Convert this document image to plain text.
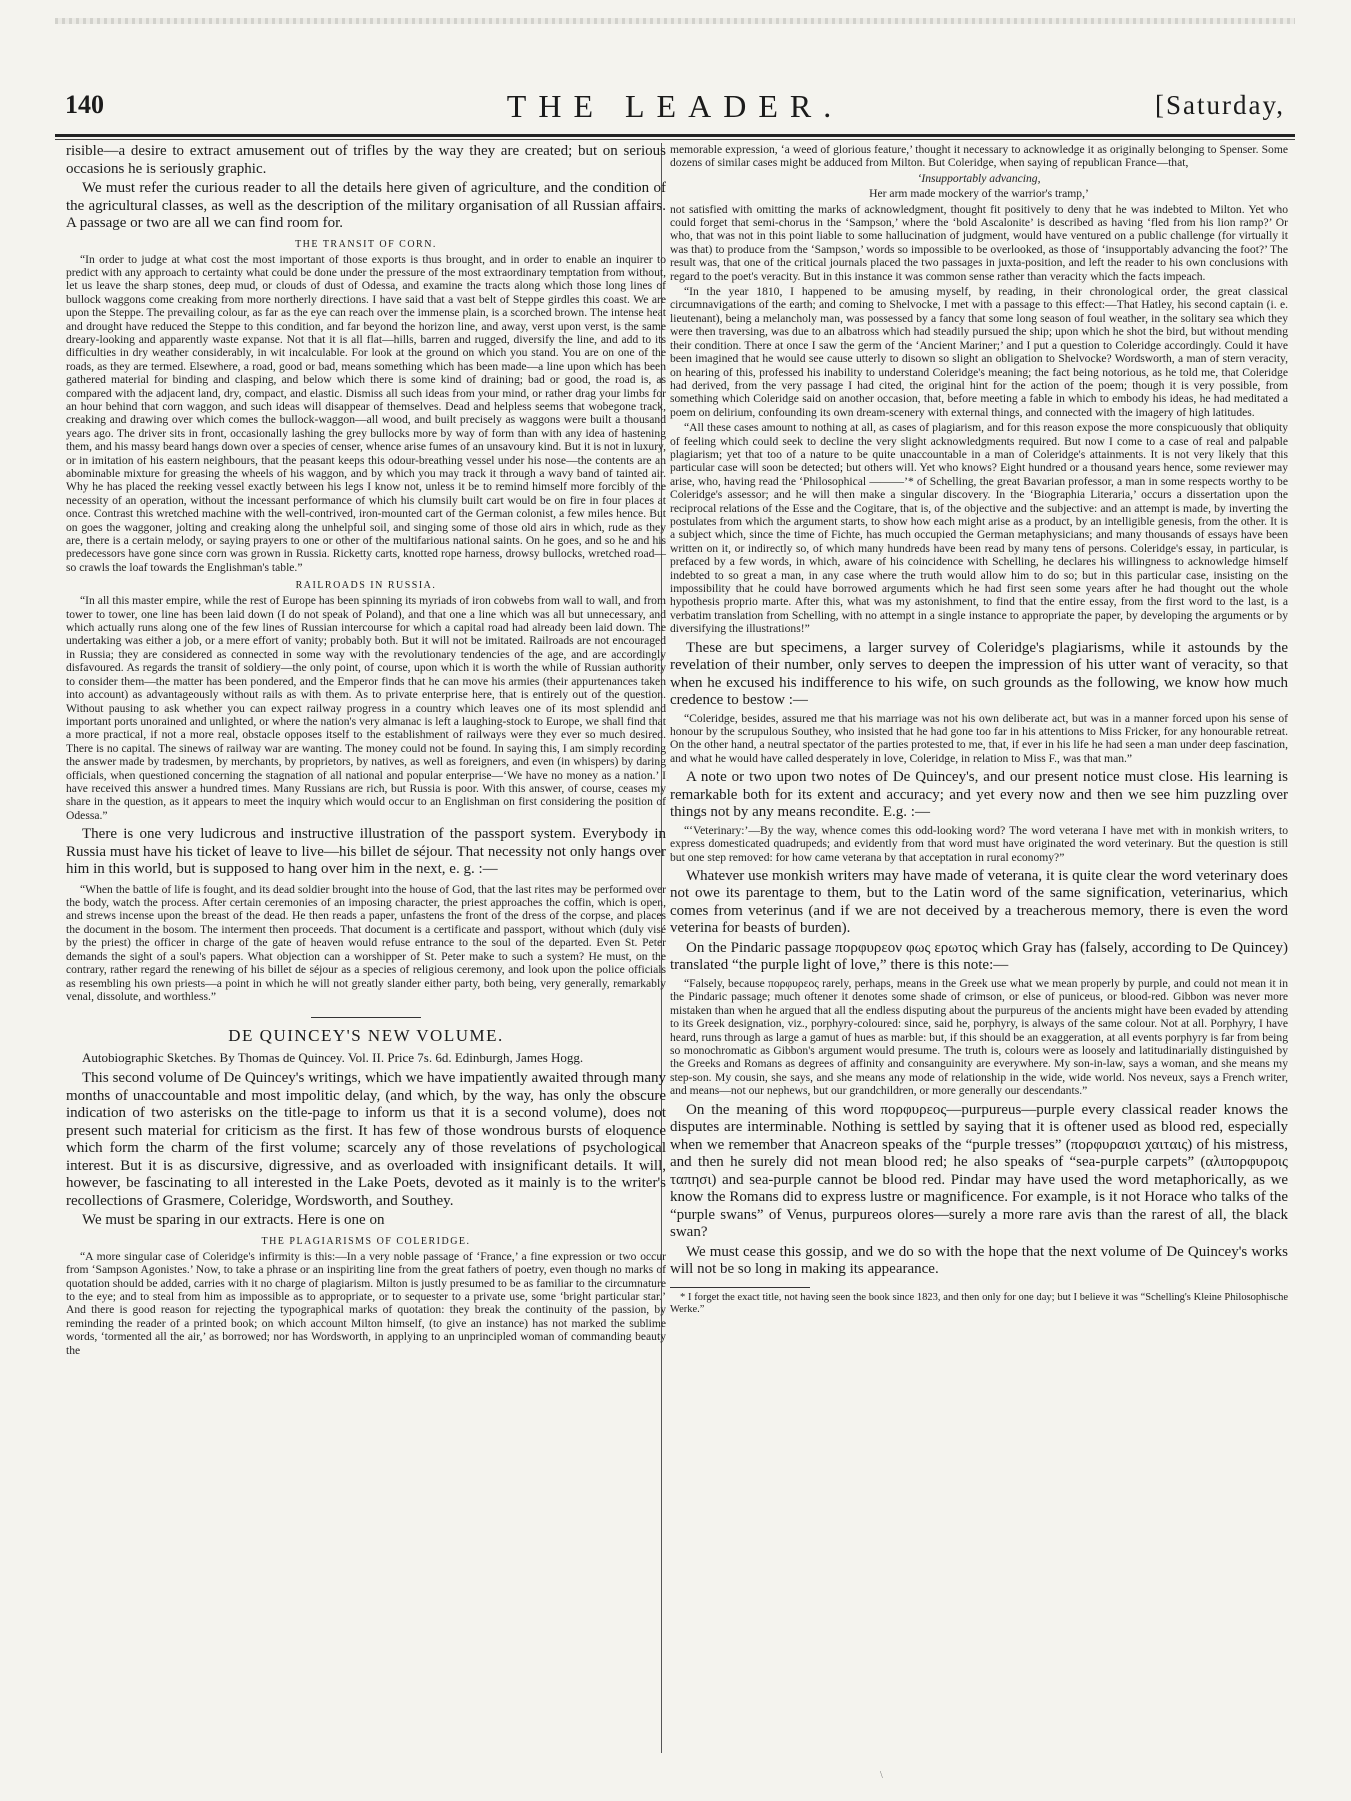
140	THE LEADER.	[Saturday,

risible—a desire to extract amusement out of trifles by the way they are created; but on serious occasions he is seriously graphic.

We must refer the curious reader to all the details here given of agriculture, and the condition of the agricultural classes, as well as the description of the military organisation of all Russian affairs. A passage or two are all we can find room for.

THE TRANSIT OF CORN.

“In order to judge at what cost the most important of those exports is thus brought, and in order to enable an inquirer to predict with any approach to certainty what could be done under the pressure of the most extraordinary temptation from without, let us leave the sharp stones, deep mud, or clouds of dust of Odessa, and examine the tracts along which those long lines of bullock waggons come creaking from more northerly directions. I have said that a vast belt of Steppe girdles this coast. We are upon the Steppe. The prevailing colour, as far as the eye can reach over the immense plain, is a scorched brown. The intense heat and drought have reduced the Steppe to this condition, and far beyond the horizon line, and away, verst upon verst, is the same dreary-looking and apparently waste expanse. Not that it is all flat—hills, barren and rugged, diversify the line, and add to its difficulties in dry weather considerably, in wit incalculable. For look at the ground on which you stand. You are on one of the roads, as they are termed. Elsewhere, a road, good or bad, means something which has been made—a line upon which has been gathered material for binding and clasping, and below which there is some kind of draining; bad or good, the road is, as compared with the adjacent land, dry, compact, and elastic. Dismiss all such ideas from your mind, or rather drag your limbs for an hour behind that corn waggon, and such ideas will disappear of themselves. Dead and helpless seems that wobegone track, creaking and drawing over which comes the bullock-waggon—all wood, and built precisely as waggons were built a thousand years ago. The driver sits in front, occasionally lashing the grey bullocks more by way of form than with any idea of hastening them, and his massy beard hangs down over a species of censer, whence arise fumes of an unsavoury kind. But it is not in luxury, or in imitation of his eastern neighbours, that the peasant keeps this odour-breathing vessel under his nose—the contents are an abominable mixture for greasing the wheels of his waggon, and by which you may track it through a wavy band of tainted air. Why he has placed the reeking vessel exactly between his legs I know not, unless it be to remind himself more forcibly of the necessity of an operation, without the incessant performance of which his clumsily built cart would be on fire in four places at once. Contrast this wretched machine with the well-contrived, iron-mounted cart of the German colonist, a few miles hence. But on goes the waggoner, jolting and creaking along the unhelpful soil, and singing some of those old airs in which, rude as they are, there is a certain melody, or saying prayers to one or other of the multifarious national saints. On he goes, and so he and his predecessors have gone since corn was grown in Russia. Ricketty carts, knotted rope harness, drowsy bullocks, wretched road—so crawls the loaf towards the Englishman's table.”

RAILROADS IN RUSSIA.

“In all this master empire, while the rest of Europe has been spinning its myriads of iron cobwebs from wall to wall, and from tower to tower, one line has been laid down (I do not speak of Poland), and that one a line which was all but unnecessary, and which actually runs along one of the few lines of Russian intercourse for which a capital road had already been laid down. The undertaking was either a job, or a mere effort of vanity; probably both. But it will not be imitated. Railroads are not encouraged in Russia; they are considered as connected in some way with the revolutionary tendencies of the age, and are accordingly disfavoured. As regards the transit of soldiery—the only point, of course, upon which it is worth the while of Russian authority to consider them—the matter has been pondered, and the Emperor finds that he can move his armies (their appurtenances taken into account) as advantageously without rails as with them. As to private enterprise here, that is entirely out of the question. Without pausing to ask whether you can expect railway progress in a country which leaves one of its most splendid and important ports unorained and unlighted, or where the nation's very almanac is left a laughing-stock to Europe, we shall find that a more practical, if not a more real, obstacle opposes itself to the establishment of railways were they ever so much desired. There is no capital. The sinews of railway war are wanting. The money could not be found. In saying this, I am simply recording the answer made by tradesmen, by merchants, by proprietors, by natives, as well as foreigners, and even (in whispers) by daring officials, when questioned concerning the stagnation of all national and popular enterprise—‘We have no money as a nation.’ I have received this answer a hundred times. Many Russians are rich, but Russia is poor. With this answer, of course, ceases my share in the question, as it appears to meet the inquiry which would occur to an Englishman on first considering the position of Odessa.”

There is one very ludicrous and instructive illustration of the passport system. Everybody in Russia must have his ticket of leave to live—his billet de séjour. That necessity not only hangs over him in this world, but is supposed to hang over him in the next, e. g. :—

“When the battle of life is fought, and its dead soldier brought into the house of God, that the last rites may be performed over the body, watch the process. After certain ceremonies of an imposing character, the priest approaches the coffin, which is open, and strews incense upon the breast of the dead. He then reads a paper, unfastens the front of the dress of the corpse, and places the document in the bosom. The interment then proceeds. That document is a certificate and passport, without which (duly visé by the priest) the officer in charge of the gate of heaven would refuse entrance to the soul of the departed. Even St. Peter demands the sight of a soul's papers. What objection can a worshipper of St. Peter make to such a system? He must, on the contrary, rather regard the renewing of his billet de séjour as a species of religious ceremony, and look upon the police officials as resembling his own priests—a point in which he will not greatly slander either party, both being, very generally, remarkably venal, dissolute, and worthless.”

DE QUINCEY'S NEW VOLUME.

Autobiographic Sketches. By Thomas de Quincey. Vol. II. Price 7s. 6d. Edinburgh, James Hogg.

This second volume of De Quincey's writings, which we have impatiently awaited through many months of unaccountable and most impolitic delay, (and which, by the way, has only the obscure indication of two asterisks on the title-page to inform us that it is a second volume), does not present such material for criticism as the first. It has few of those wondrous bursts of eloquence which form the charm of the first volume; scarcely any of those revelations of psychological interest. But it is as discursive, digressive, and as overloaded with insignificant details. It will, however, be fascinating to all interested in the Lake Poets, devoted as it mainly is to the writer's recollections of Grasmere, Coleridge, Wordsworth, and Southey.

We must be sparing in our extracts. Here is one on

THE PLAGIARISMS OF COLERIDGE.

“A more singular case of Coleridge's infirmity is this:—In a very noble passage of ‘France,’ a fine expression or two occur from ‘Sampson Agonistes.’ Now, to take a phrase or an inspiriting line from the great fathers of poetry, even though no marks of quotation should be added, carries with it no charge of plagiarism. Milton is justly presumed to be as familiar to the circumnature to the eye; and to steal from him as impossible as to appropriate, or to sequester to a private use, some ‘bright particular star.’ And there is good reason for rejecting the typographical marks of quotation: they break the continuity of the passion, by reminding the reader of a printed book; on which account Milton himself, (to give an instance) has not marked the sublime words, ‘tormented all the air,’ as borrowed; nor has Wordsworth, in applying to an unprincipled woman of commanding beauty the

memorable expression, ‘a weed of glorious feature,’ thought it necessary to acknowledge it as originally belonging to Spenser. Some dozens of similar cases might be adduced from Milton. But Coleridge, when saying of republican France—that,

‘Insupportably advancing,

Her arm made mockery of the warrior's tramp,’

not satisfied with omitting the marks of acknowledgment, thought fit positively to deny that he was indebted to Milton. Yet who could forget that semi-chorus in the ‘Sampson,’ where the ‘bold Ascalonite’ is described as having ‘fled from his lion ramp?’ Or who, that was not in this point liable to some hallucination of judgment, would have ventured on a public challenge (for virtually it was that) to produce from the ‘Sampson,’ words so impossible to be overlooked, as those of ‘insupportably advancing the foot?’ The result was, that one of the critical journals placed the two passages in juxta-position, and left the reader to his own conclusions with regard to the poet's veracity. But in this instance it was common sense rather than veracity which the facts impeach.

“In the year 1810, I happened to be amusing myself, by reading, in their chronological order, the great classical circumnavigations of the earth; and coming to Shelvocke, I met with a passage to this effect:—That Hatley, his second captain (i. e. lieutenant), being a melancholy man, was possessed by a fancy that some long season of foul weather, in the solitary sea which they were then traversing, was due to an albatross which had steadily pursued the ship; upon which he shot the bird, but without mending their condition. There at once I saw the germ of the ‘Ancient Mariner;’ and I put a question to Coleridge accordingly. Could it have been imagined that he would see cause utterly to disown so slight an obligation to Shelvocke? Wordsworth, a man of stern veracity, on hearing of this, professed his inability to understand Coleridge's meaning; the fact being notorious, as he told me, that Coleridge had derived, from the very passage I had cited, the original hint for the action of the poem; though it is very possible, from something which Coleridge said on another occasion, that, before meeting a fable in which to embody his ideas, he had meditated a poem on delirium, confounding its own dream-scenery with external things, and connected with the imagery of high latitudes.

“All these cases amount to nothing at all, as cases of plagiarism, and for this reason expose the more conspicuously that obliquity of feeling which could seek to decline the very slight acknowledgments required. But now I come to a case of real and palpable plagiarism; yet that too of a nature to be quite unaccountable in a man of Coleridge's attainments. It is not very likely that this particular case will soon be detected; but others will. Yet who knows? Eight hundred or a thousand years hence, some reviewer may arise, who, having read the ‘Philosophical ———’* of Schelling, the great Bavarian professor, a man in some respects worthy to be Coleridge's assessor; and he will then make a singular discovery. In the ‘Biographia Literaria,’ occurs a dissertation upon the reciprocal relations of the Esse and the Cogitare, that is, of the objective and the subjective: and an attempt is made, by inverting the postulates from which the argument starts, to show how each might arise as a product, by an intelligible genesis, from the other. It is a subject which, since the time of Fichte, has much occupied the German metaphysicians; and many thousands of essays have been written on it, or indirectly so, of which many hundreds have been read by many tens of persons. Coleridge's essay, in particular, is prefaced by a few words, in which, aware of his coincidence with Schelling, he declares his willingness to acknowledge himself indebted to so great a man, in any case where the truth would allow him to do so; but in this particular case, insisting on the impossibility that he could have borrowed arguments which he had first seen some years after he had thought out the whole hypothesis proprio marte. After this, what was my astonishment, to find that the entire essay, from the first word to the last, is a verbatim translation from Schelling, with no attempt in a single instance to appropriate the paper, by developing the arguments or by diversifying the illustrations!”

These are but specimens, a larger survey of Coleridge's plagiarisms, while it astounds by the revelation of their number, only serves to deepen the impression of his utter want of veracity, so that when he excused his indifference to his wife, on such grounds as the following, we know how much credence to bestow :—

“Coleridge, besides, assured me that his marriage was not his own deliberate act, but was in a manner forced upon his sense of honour by the scrupulous Southey, who insisted that he had gone too far in his attentions to Miss Fricker, for any honourable retreat. On the other hand, a neutral spectator of the parties protested to me, that, if ever in his life he had seen a man under deep fascination, and what he would have called desperately in love, Coleridge, in relation to Miss F., was that man.”

A note or two upon two notes of De Quincey's, and our present notice must close. His learning is remarkable both for its extent and accuracy; and yet every now and then we see him puzzling over things not by any means recondite. E.g. :—

“‘Veterinary:’—By the way, whence comes this odd-looking word? The word veterana I have met with in monkish writers, to express domesticated quadrupeds; and evidently from that word must have originated the word veterinary. But the question is still but one step removed: for how came veterana by that acceptation in rural economy?”

Whatever use monkish writers may have made of veterana, it is quite clear the word veterinary does not owe its parentage to them, but to the Latin word of the same signification, veterinarius, which comes from veterinus (and if we are not deceived by a treacherous memory, there is even the word veterina for beasts of burden).

On the Pindaric passage πορφυρεον φως ερωτος which Gray has (falsely, according to De Quincey) translated “the purple light of love,” there is this note:—

“Falsely, because πορφυρεος rarely, perhaps, means in the Greek use what we mean properly by purple, and could not mean it in the Pindaric passage; much oftener it denotes some shade of crimson, or else of puniceus, or blood-red. Gibbon was never more mistaken than when he argued that all the endless disputing about the purpureus of the ancients might have been evaded by attending to its Greek designation, viz., porphyry-coloured: since, said he, porphyry, is always of the same colour. Not at all. Porphyry, I have heard, runs through as large a gamut of hues as marble: but, if this should be an exaggeration, at all events porphyry is far from being so monochromatic as Gibbon's argument would presume. The truth is, colours were as loosely and latitudinarially distinguished by the Greeks and Romans as degrees of affinity and consanguinity are everywhere. My son-in-law, says a woman, and she means my step-son. My cousin, she says, and she means any mode of relationship in the wide, wide world. Nos neveux, says a French writer, and means—not our nephews, but our grandchildren, or more generally our descendants.”

On the meaning of this word πορφυρεος—purpureus—purple every classical reader knows the disputes are interminable. Nothing is settled by saying that it is oftener used as blood red, especially when we remember that Anacreon speaks of the “purple tresses” (πορφυραισι χαιταις) of his mistress, and then he surely did not mean blood red; he also speaks of “sea-purple carpets” (αλιπορφυροις ταπησι) and sea-purple cannot be blood red. Pindar may have used the word metaphorically, as we know the Romans did to express lustre or magnificence. For example, is it not Horace who talks of the “purple swans” of Venus, purpureos olores—surely a more rare avis than the rarest of all, the black swan?

We must cease this gossip, and we do so with the hope that the next volume of De Quincey's works will not be so long in making its appearance.

* I forget the exact title, not having seen the book since 1823, and then only for one day; but I believe it was “Schelling's Kleine Philosophische Werke.”

\
